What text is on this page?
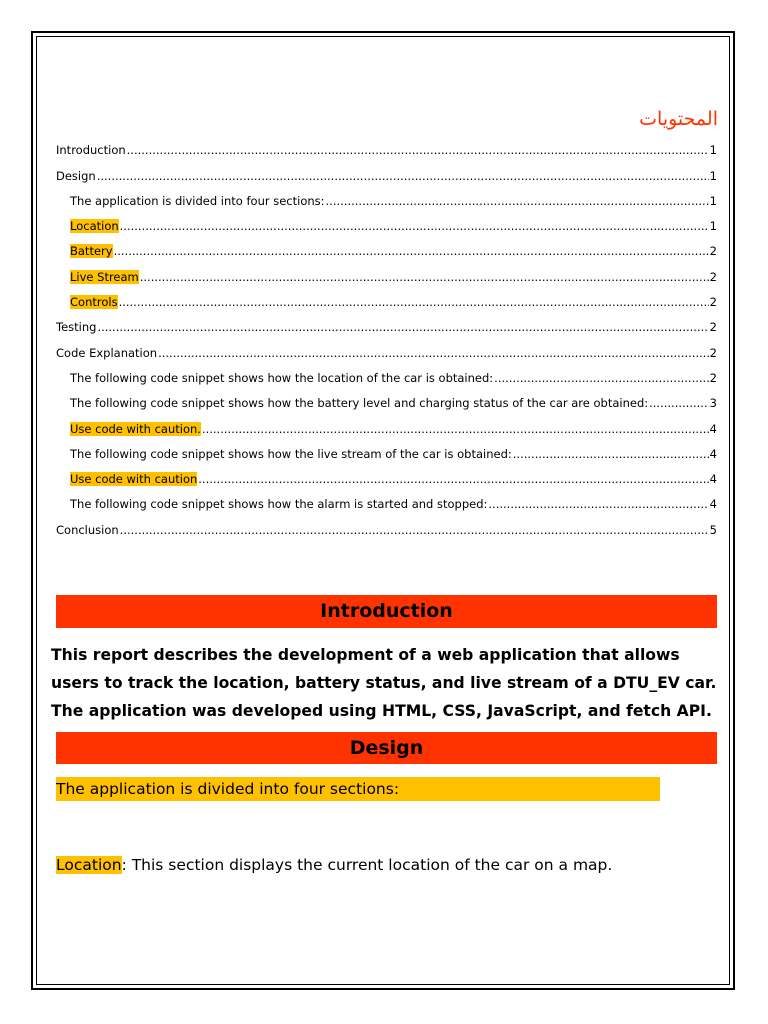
المحتويات
Introduction .....	1
Design .....	1
The application is divided into four sections: .....	1
Location .....	1
Battery .....	2
Live Stream .....	2
Controls .....	2
Testing .....	2
Code Explanation .....	2
The following code snippet shows how the location of the car is obtained: .....	2
The following code snippet shows how the battery level and charging status of the car are obtained: .....	3
Use code with caution. .....	4
The following code snippet shows how the live stream of the car is obtained: .....	4
Use code with caution .....	4
The following code snippet shows how the alarm is started and stopped: .....	4
Conclusion .....	5
Introduction
This report describes the development of a web application that allows users to track the location, battery status, and live stream of a DTU_EV car. The application was developed using HTML, CSS, JavaScript, and fetch API.
Design
The application is divided into four sections:
Location: This section displays the current location of the car on a map.
